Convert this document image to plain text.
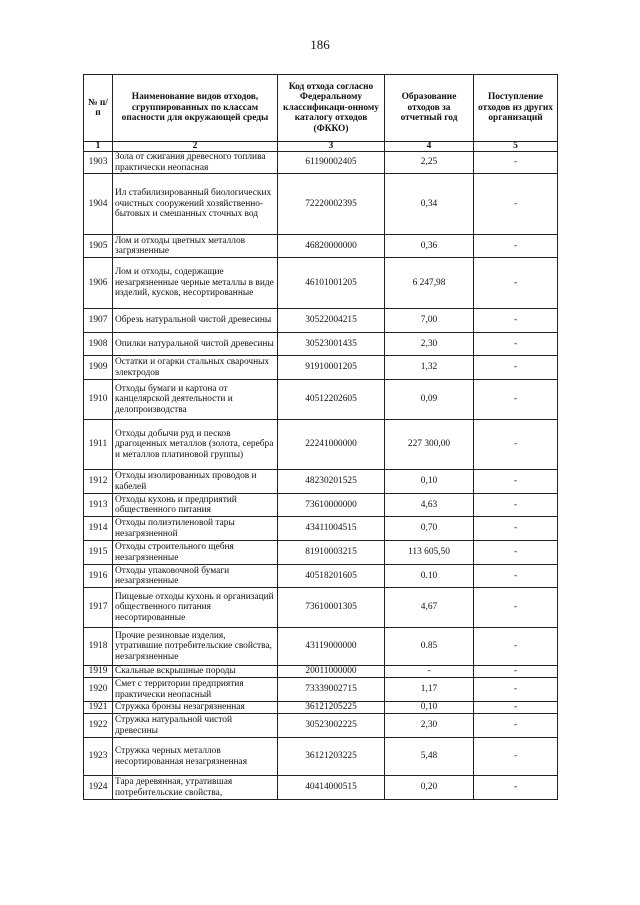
186
№ п/п	Наименование видов отходов, сгруппированных по классам опасности для окружающей среды	Код отхода согласно Федеральному классификаци-онному каталогу отходов (ФККО)	Образование отходов за отчетный год	Поступление отходов из других организаций
1	2	3	4	5
1903	Зола от сжигания древесного топлива практически неопасная	61190002405	2,25	-
1904	Ил стабилизированный биологических очистных сооружений хозяйственно-бытовых и смешанных сточных вод	72220002395	0,34	-
1905	Лом и отходы цветных металлов загрязненные	46820000000	0,36	-
1906	Лом и отходы, содержащие незагрязненные черные металлы в виде изделий, кусков, несортированные	46101001205	6 247,98	-
1907	Обрезь натуральной чистой древесины	30522004215	7,00	-
1908	Опилки натуральной чистой древесины	30523001435	2,30	-
1909	Остатки и огарки стальных сварочных электродов	91910001205	1,32	-
1910	Отходы бумаги и картона от канцелярской деятельности и делопроизводства	40512202605	0,09	-
1911	Отходы добычи руд и песков драгоценных металлов (золота, серебра и металлов платиновой группы)	22241000000	227 300,00	-
1912	Отходы изолированных проводов и кабелей	48230201525	0,10	-
1913	Отходы кухонь и предприятий общественного питания	73610000000	4,63	-
1914	Отходы полиэтиленовой тары незагрязненной	43411004515	0,70	-
1915	Отходы строительного щебня незагрязненные	81910003215	113 605,50	-
1916	Отходы упаковочной бумаги незагрязненные	40518201605	0.10	-
1917	Пищевые отходы кухонь и организаций общественного питания несортированные	73610001305	4,67	-
1918	Прочие резиновые изделия, утратившие потребительские свойства, незагрязненные	43119000000	0.85	-
1919	Скальные вскрышные породы	20011000000	-	-
1920	Смет с территории предприятия практически неопасный	73339002715	1,17	-
1921	Стружка бронзы незагрязненная	36121205225	0,10	-
1922	Стружка натуральной чистой древесины	30523002225	2,30	-
1923	Стружка черных металлов несортированная незагрязненная	36121203225	5,48	-
1924	Тара деревянная, утратившая потребительские свойства,	40414000515	0,20	-
